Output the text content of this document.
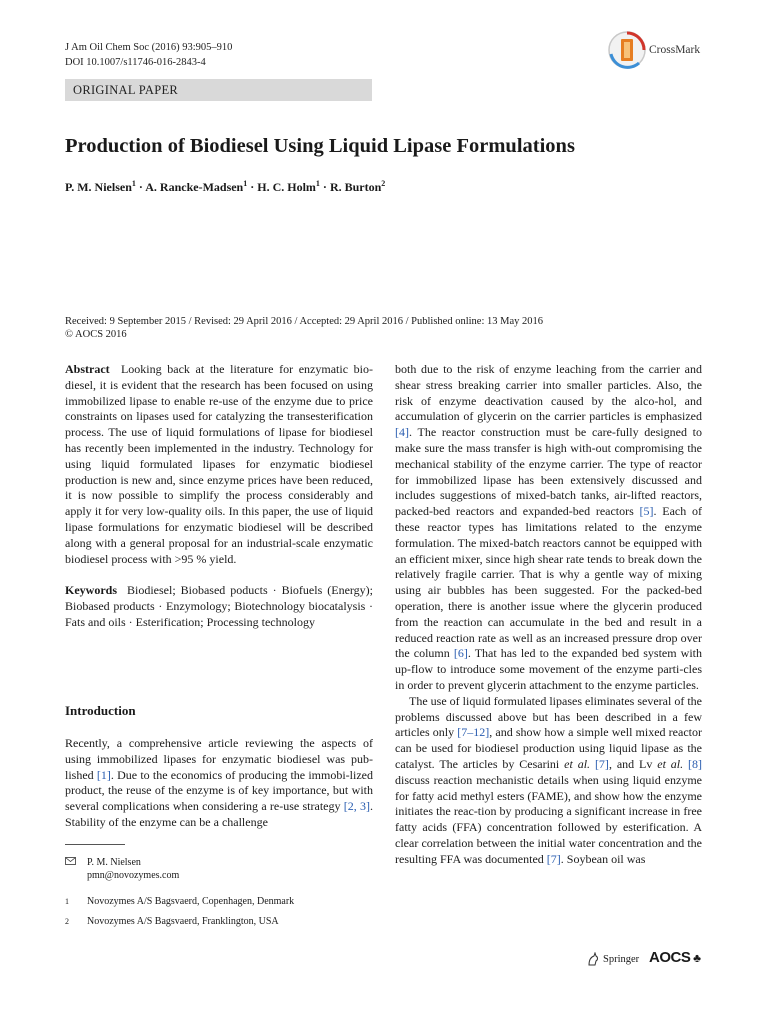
J Am Oil Chem Soc (2016) 93:905–910
DOI 10.1007/s11746-016-2843-4
CrossMark
ORIGINAL PAPER
Production of Biodiesel Using Liquid Lipase Formulations
P. M. Nielsen$^1$ · A. Rancke-Madsen$^1$ · H. C. Holm$^1$ · R. Burton$^2$
Received: 9 September 2015 / Revised: 29 April 2016 / Accepted: 29 April 2016 / Published online: 13 May 2016
© AOCS 2016

Abstract Looking back at the literature for enzymatic bio-diesel, it is evident that the research has been focused on using immobilized lipase to enable re-use of the enzyme due to price constraints on lipases used for catalyzing the transesterification process. The use of liquid formulations of lipase for biodiesel has recently been implemented in the industry. Technology for using liquid formulated lipases for enzymatic biodiesel production is new and, since enzyme prices have been reduced, it is now possible to simplify the process considerably and apply it for very low-quality oils. In this paper, the use of liquid lipase formulations for enzymatic biodiesel will be described along with a general proposal for an industrial-scale enzymatic biodiesel process with >95 % yield.

Keywords Biodiesel; Biobased poducts · Biofuels (Energy); Biobased products · Enzymology; Biotechnology biocatalysis · Fats and oils · Esterification; Processing technology

Introduction

Recently, a comprehensive article reviewing the aspects of using immobilized lipases for enzymatic biodiesel was pub-lished [1]. Due to the economics of producing the immobi-lized product, the reuse of the enzyme is of key importance, but with several complications when considering a re-use strategy [2, 3]. Stability of the enzyme can be a challenge

both due to the risk of enzyme leaching from the carrier and shear stress breaking carrier into smaller particles. Also, the risk of enzyme deactivation caused by the alco-hol, and accumulation of glycerin on the carrier particles is emphasized [4]. The reactor construction must be care-fully designed to make sure the mass transfer is high with-out compromising the mechanical stability of the enzyme carrier. The type of reactor for immobilized lipase has been extensively discussed and includes suggestions of mixed-batch tanks, air-lifted reactors, packed-bed reactors and expanded-bed reactors [5]. Each of these reactor types has limitations related to the enzyme formulation. The mixed-batch reactors cannot be equipped with an efficient mixer, since high shear rate tends to break down the relatively fragile carrier. That is why a gentle way of mixing using air bubbles has been suggested. For the packed-bed operation, there is another issue where the glycerin produced from the reaction can accumulate in the bed and result in a reduced reaction rate as well as an increased pressure drop over the column [6]. That has led to the expanded bed system with up-flow to introduce some movement of the enzyme parti-cles in order to prevent glycerin attachment to the enzyme particles.

The use of liquid formulated lipases eliminates several of the problems discussed above but has been described in a few articles only [7–12], and show how a simple well mixed reactor can be used for biodiesel production using liquid lipase as the catalyst. The articles by Cesarini et al. [7], and Lv et al. [8] discuss reaction mechanistic details when using liquid enzyme for fatty acid methyl esters (FAME), and show how the enzyme initiates the reac-tion by producing a significant increase in free fatty acids (FFA) concentration followed by esterification. A clear correlation between the initial water concentration and the resulting FFA was documented [7]. Soybean oil was

P. M. Nielsen
pmn@novozymes.com
1 Novozymes A/S Bagsvaerd, Copenhagen, Denmark
2 Novozymes A/S Bagsvaerd, Franklington, USA
Springer AOCS ♣
